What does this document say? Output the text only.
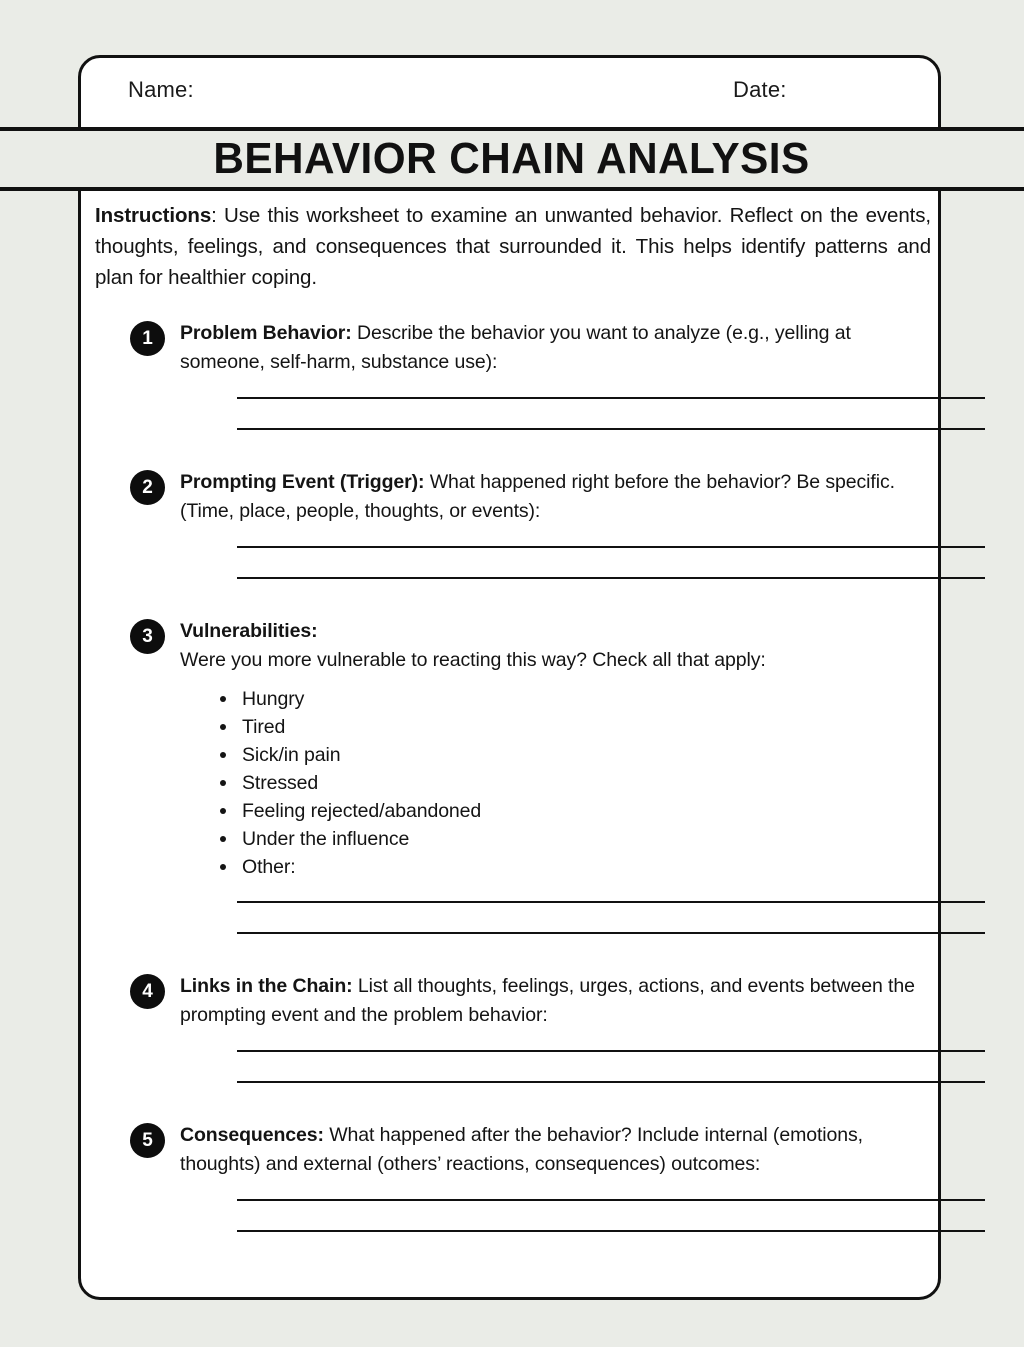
Name:	Date:
BEHAVIOR CHAIN ANALYSIS

Instructions: Use this worksheet to examine an unwanted behavior. Reflect on the events, thoughts, feelings, and consequences that surrounded it. This helps identify patterns and plan for healthier coping.

1	Problem Behavior: Describe the behavior you want to analyze (e.g., yelling at someone, self-harm, substance use):

2	Prompting Event (Trigger): What happened right before the behavior? Be specific. (Time, place, people, thoughts, or events):

3	Vulnerabilities:

Were you more vulnerable to reacting this way? Check all that apply:

Hungry
Tired
Sick/in pain
Stressed
Feeling rejected/abandoned
Under the influence
Other:
4	Links in the Chain: List all thoughts, feelings, urges, actions, and events between the prompting event and the problem behavior:

5	Consequences: What happened after the behavior? Include internal (emotions, thoughts) and external (others’ reactions, consequences) outcomes:
